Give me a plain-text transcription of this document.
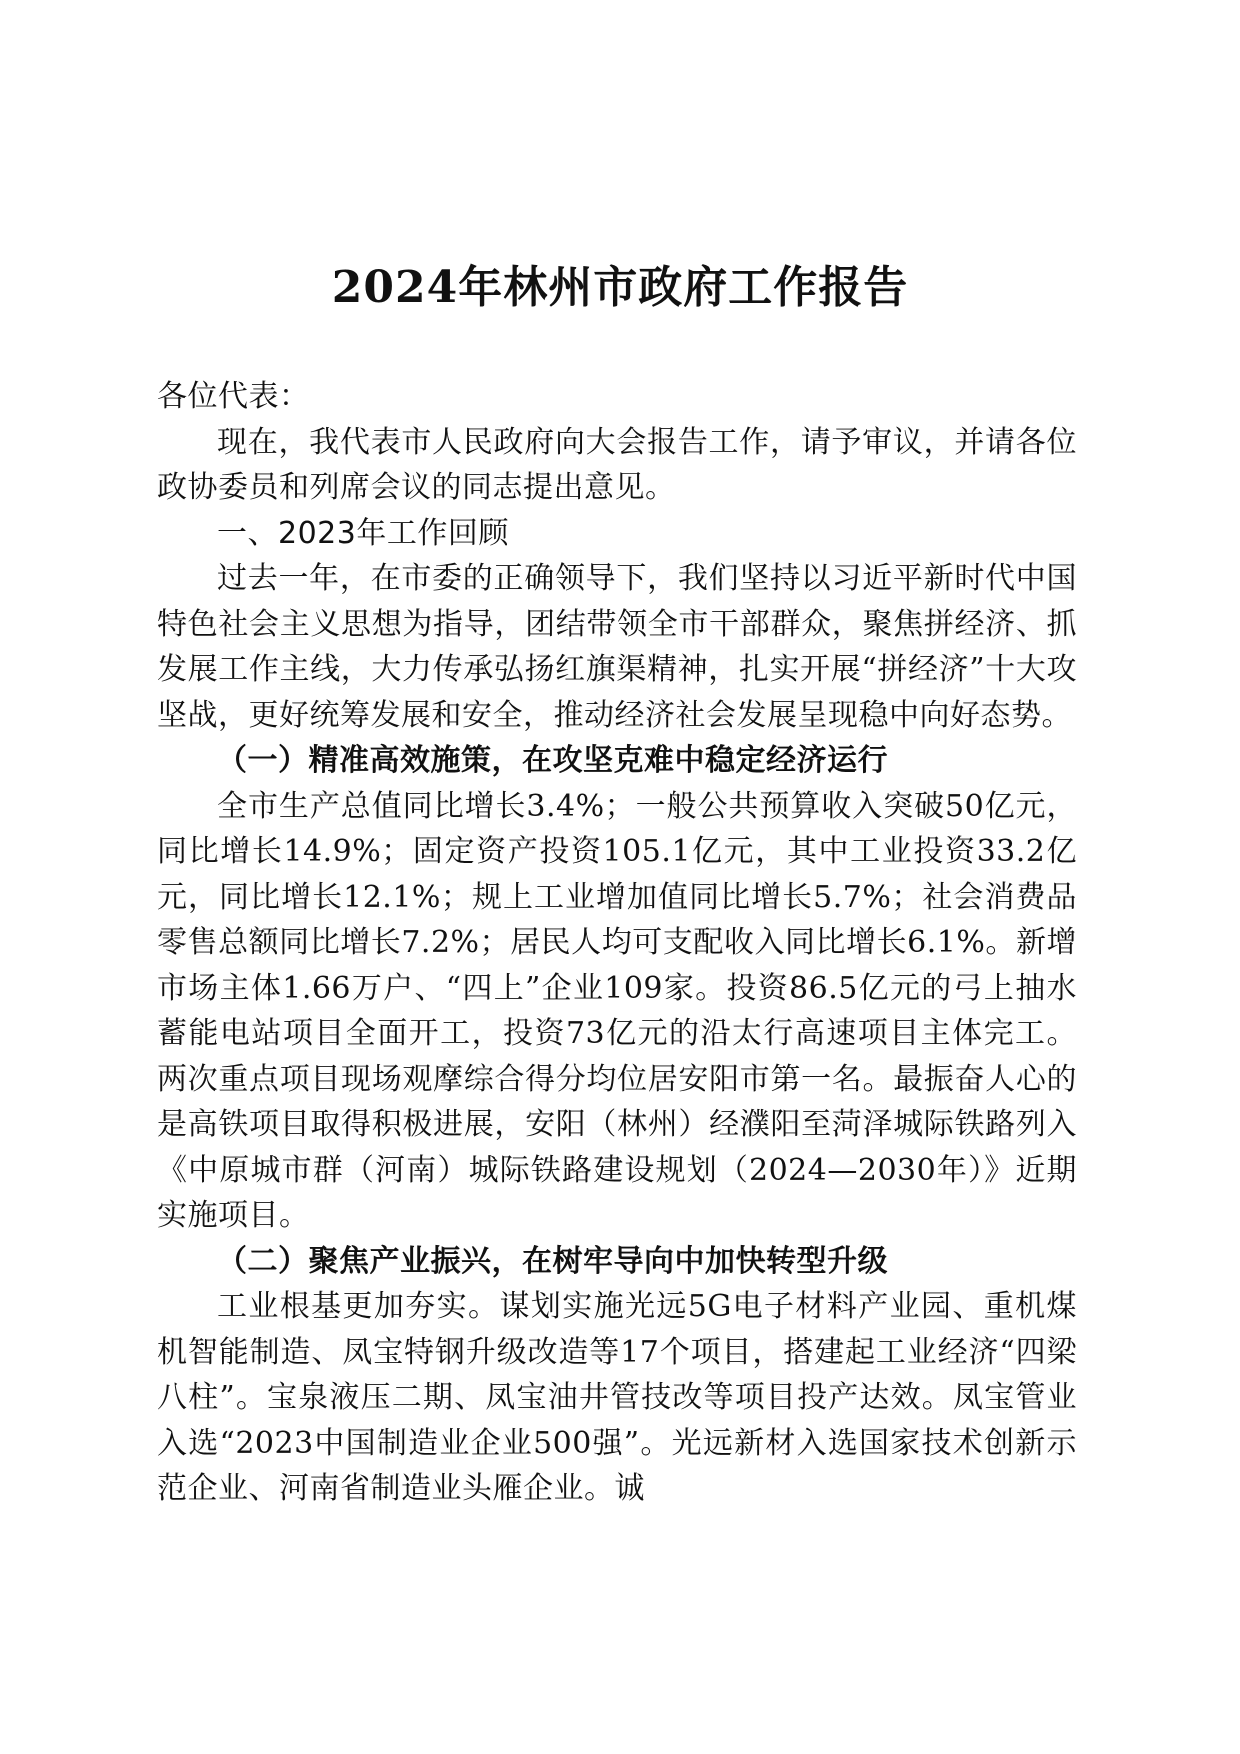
2024年林州市政府工作报告

各位代表：

现在，我代表市人民政府向大会报告工作，请予审议，并请各位政协委员和列席会议的同志提出意见。

一、2023年工作回顾

过去一年，在市委的正确领导下，我们坚持以习近平新时代中国特色社会主义思想为指导，团结带领全市干部群众，聚焦拼经济、抓发展工作主线，大力传承弘扬红旗渠精神，扎实开展“拼经济”十大攻坚战，更好统筹发展和安全，推动经济社会发展呈现稳中向好态势。

（一）精准高效施策，在攻坚克难中稳定经济运行

全市生产总值同比增长3.4%；一般公共预算收入突破50亿元，同比增长14.9%；固定资产投资105.1亿元，其中工业投资33.2亿元，同比增长12.1%；规上工业增加值同比增长5.7%；社会消费品零售总额同比增长7.2%；居民人均可支配收入同比增长6.1%。新增市场主体1.66万户、“四上”企业109家。投资86.5亿元的弓上抽水蓄能电站项目全面开工，投资73亿元的沿太行高速项目主体完工。两次重点项目现场观摩综合得分均位居安阳市第一名。最振奋人心的是高铁项目取得积极进展，安阳（林州）经濮阳至菏泽城际铁路列入《中原城市群（河南）城际铁路建设规划（2024—2030年）》近期实施项目。

（二）聚焦产业振兴，在树牢导向中加快转型升级

工业根基更加夯实。谋划实施光远5G电子材料产业园、重机煤机智能制造、凤宝特钢升级改造等17个项目，搭建起工业经济“四梁八柱”。宝泉液压二期、凤宝油井管技改等项目投产达效。凤宝管业入选“2023中国制造业企业500强”。光远新材入选国家技术创新示范企业、河南省制造业头雁企业。诚
